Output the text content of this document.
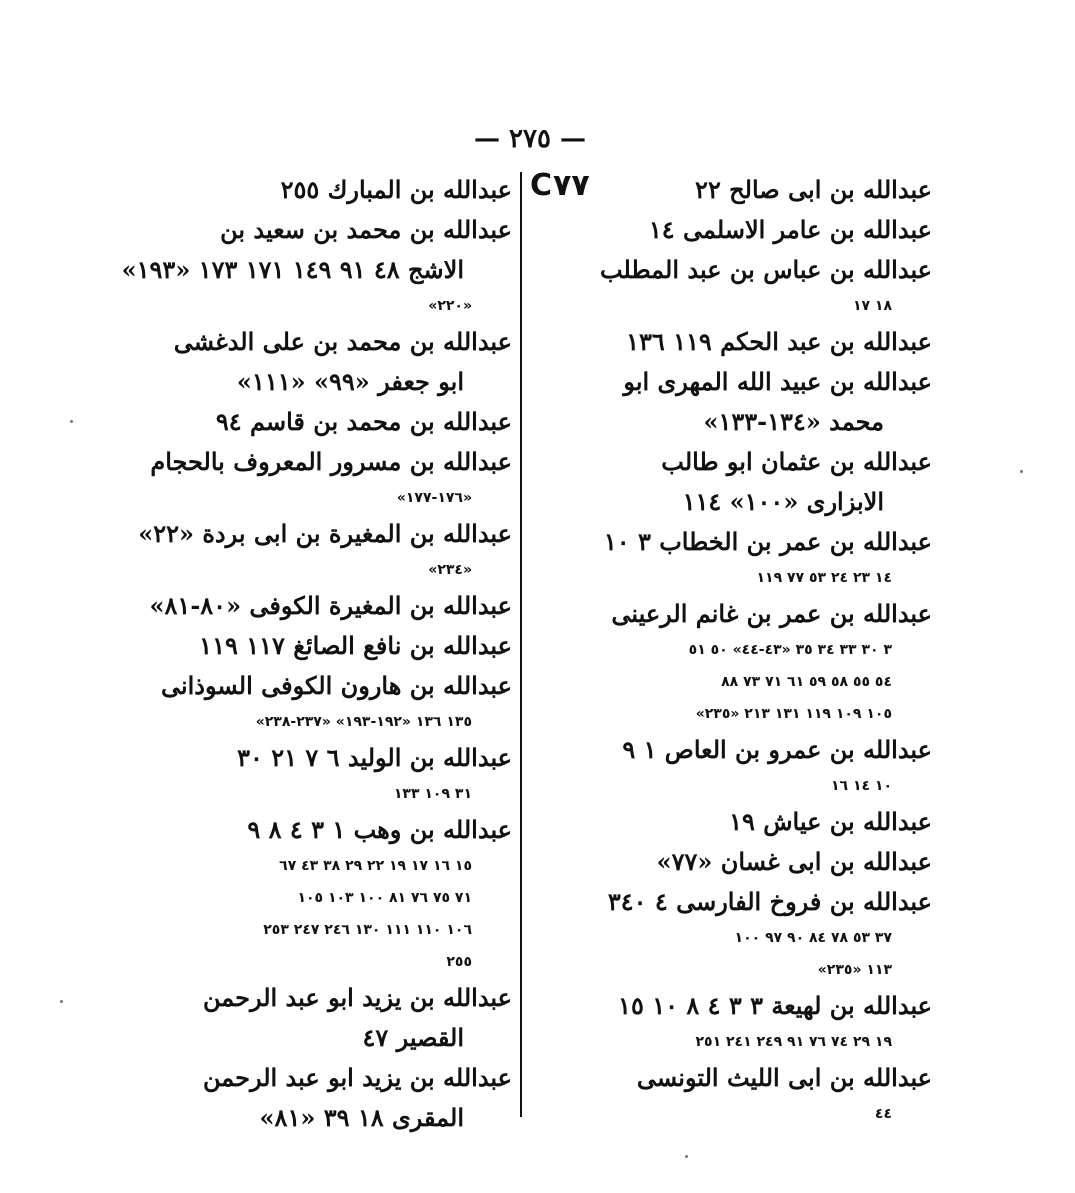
— ٢٧٥ —
C٧٧	عبدالله بن ابى صالح ٢٢
عبدالله بن عامر الاسلمى ١٤
عبدالله بن عباس بن عبد المطلب
١٨ ١٧
عبدالله بن عبد الحكم ١١٩ ١٣٦
عبدالله بن عبيد الله المهرى ابو
محمد «١٣٤-١٣٣»
عبدالله بن عثمان ابو طالب
الابزارى «١٠٠» ١١٤
عبدالله بن عمر بن الخطاب ٣ ١٠
١٤ ٢٣ ٢٤ ٥٣ ٧٧ ١١٩
عبدالله بن عمر بن غانم الرعينى
٣ ٣٠ ٣٣ ٣٤ ٣٥ «٤٣-٤٤» ٥٠ ٥١
٥٤ ٥٥ ٥٨ ٥٩ ٦١ ٧١ ٧٣ ٨٨
١٠٥ ١٠٩ ١١٩ ١٣١ ٢١٣ «٢٣٥»
عبدالله بن عمرو بن العاص ١ ٩
١٠ ١٤ ١٦
عبدالله بن عياش ١٩
عبدالله بن ابى غسان «٧٧»
عبدالله بن فروخ الفارسى ٤ ٣٤٠
٣٧ ٥٣ ٧٨ ٨٤ ٩٠ ٩٧ ١٠٠
١١٣ «٢٣٥»
عبدالله بن لهيعة ٣ ٣ ٤ ٨ ١٠ ١٥
١٩ ٢٩ ٧٤ ٧٦ ٩١ ٢٤٩ ٢٤١ ٢٥١
عبدالله بن ابى الليث التونسى
٤٤
عبدالله بن المبارك ٢٥٥
عبدالله بن محمد بن سعيد بن
الاشج ٤٨ ٩١ ١٤٩ ١٧١ ١٧٣ «١٩٣»
«٢٢٠»
عبدالله بن محمد بن على الدغشى
ابو جعفر «٩٩» «١١١»
عبدالله بن محمد بن قاسم ٩٤
عبدالله بن مسرور المعروف بالحجام
«١٧٦-١٧٧»
عبدالله بن المغيرة بن ابى بردة «٢٢»
«٢٣٤»
عبدالله بن المغيرة الكوفى «٨٠-٨١»
عبدالله بن نافع الصائغ ١١٧ ١١٩
عبدالله بن هارون الكوفى السوذانى
١٣٥ ١٣٦ «١٩٢-١٩٣» «٢٣٧-٢٣٨»
عبدالله بن الوليد ٦ ٧ ٢١ ٣٠
٣١ ١٠٩ ١٣٣
عبدالله بن وهب ١ ٣ ٤ ٨ ٩
١٥ ١٦ ١٧ ١٩ ٢٢ ٢٩ ٣٨ ٤٣ ٦٧
٧١ ٧٥ ٧٦ ٨١ ١٠٠ ١٠٣ ١٠٥
١٠٦ ١١٠ ١١١ ١٣٠ ٢٤٦ ٢٤٧ ٢٥٣
٢٥٥
عبدالله بن يزيد ابو عبد الرحمن
القصير ٤٧
عبدالله بن يزيد ابو عبد الرحمن
المقرى ١٨ ٣٩ «٨١»
